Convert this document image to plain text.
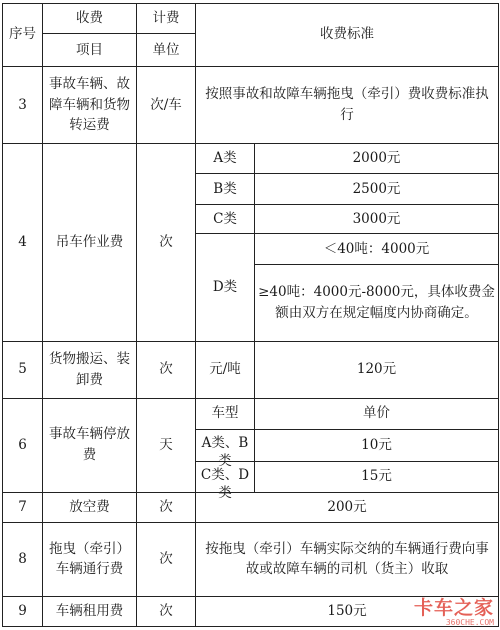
序号	收费	计费	收费标准	
	项目	单位		
3	事故车辆、故障车辆和货物转运费	次/车	按照事故和故障车辆拖曳（牵引）费收费标准执行	
4	吊车作业费	次	A类	2000元
			B类	2500元
			C类	3000元
			D类	＜40吨：4000元
				≥40吨：4000元-8000元，具体收费金额由双方在规定幅度内协商确定。
5	货物搬运、装卸费	次	元/吨	120元
6	事故车辆停放费	天	车型	单价

			A类、B类	10元

			C类、D类	15元
7	放空费	次	200元	
8	拖曳（牵引）车辆通行费	次	按拖曳（牵引）车辆实际交纳的车辆通行费向事故或故障车辆的司机（货主）收取	
9	车辆租用费	次	150元	卡车之家
360CHE.COM
